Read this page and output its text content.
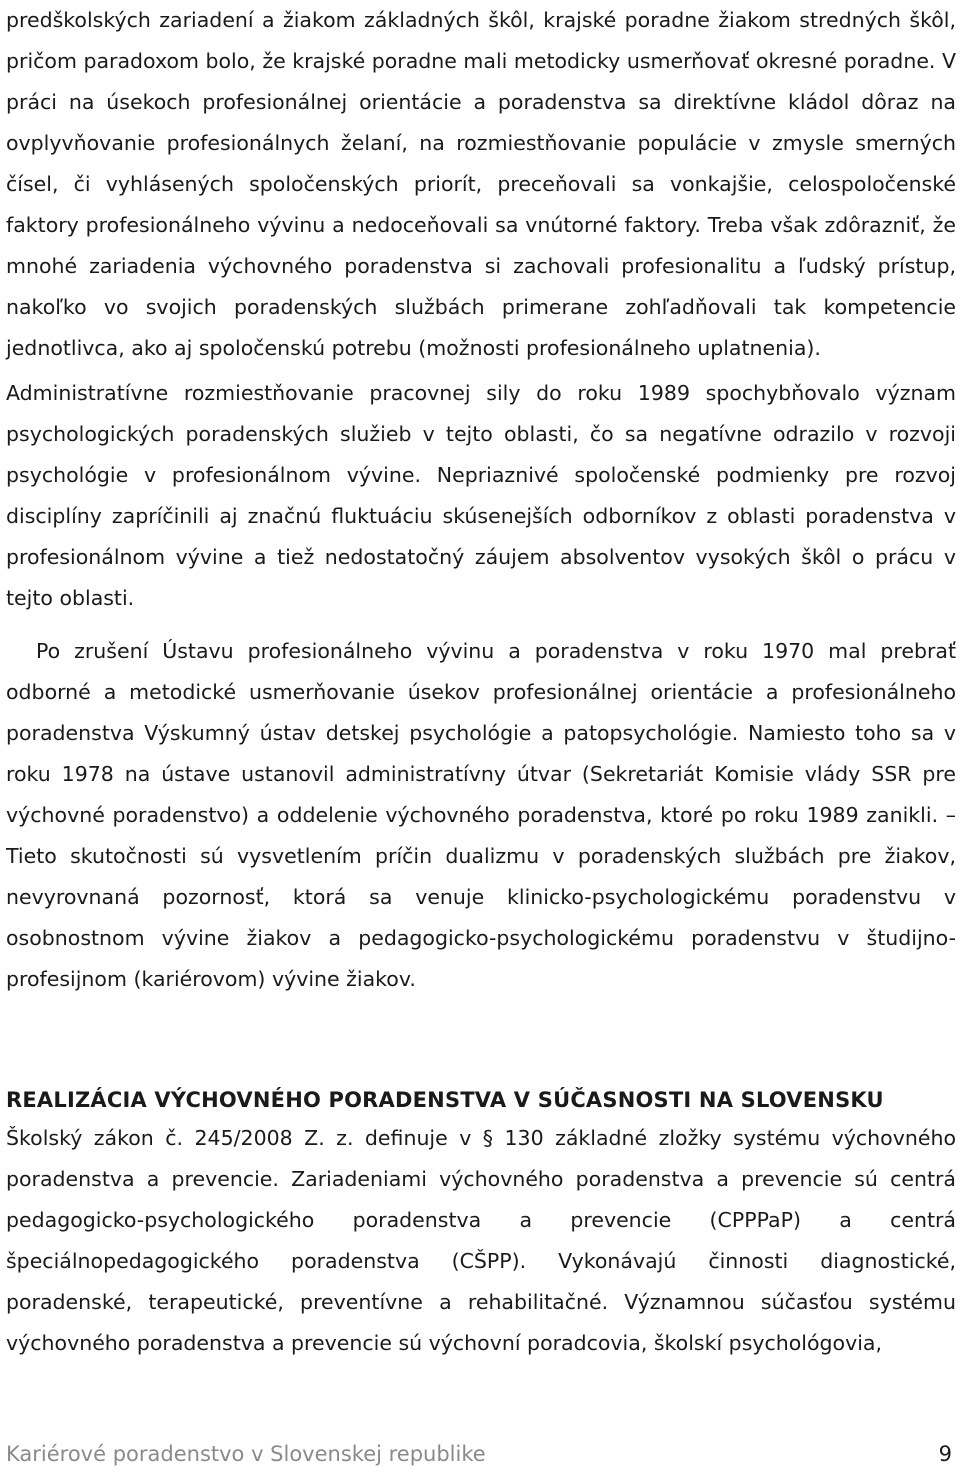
predškolských zariadení a žiakom základných škôl, krajské poradne žiakom stredných škôl, pričom paradoxom bolo, že krajské poradne mali metodicky usmerňovať okresné poradne. V práci na úsekoch profesionálnej orientácie a poradenstva sa direktívne kládol dôraz na ovplyvňovanie profesionálnych želaní, na rozmiestňovanie populácie v zmysle smerných čísel, či vyhlásených spoločenských priorít, preceňovali sa vonkajšie, celospoločenské faktory profesionálneho vývinu a nedoceňovali sa vnútorné faktory. Treba však zdôrazniť, že mnohé zariadenia výchovného poradenstva si zachovali profesionalitu a ľudský prístup, nakoľko vo svojich poradenských službách primerane zohľadňovali tak kompetencie jednotlivca, ako aj spoločenskú potrebu (možnosti profesionálneho uplatnenia).

Administratívne rozmiestňovanie pracovnej sily do roku 1989 spochybňovalo význam psychologických poradenských služieb v tejto oblasti, čo sa negatívne odrazilo v rozvoji psychológie v profesionálnom vývine. Nepriaznivé spoločenské podmienky pre rozvoj disciplíny zapríčinili aj značnú fluktuáciu skúsenejších odborníkov z oblasti poradenstva v profesionálnom vývine a tiež nedostatočný záujem absolventov vysokých škôl o prácu v tejto oblasti.

Po zrušení Ústavu profesionálneho vývinu a poradenstva v roku 1970 mal prebrať odborné a metodické usmerňovanie úsekov profesionálnej orientácie a profesionálneho poradenstva Výskumný ústav detskej psychológie a patopsychológie. Namiesto toho sa v roku 1978 na ústave ustanovil administratívny útvar (Sekretariát Komisie vlády SSR pre výchovné poradenstvo) a oddelenie výchovného poradenstva, ktoré po roku 1989 zanikli. – Tieto skutočnosti sú vysvetlením príčin dualizmu v poradenských službách pre žiakov, nevyrovnaná pozornosť, ktorá sa venuje klinicko-psychologickému poradenstvu v osobnostnom vývine žiakov a pedagogicko-psychologickému poradenstvu v študijno-profesijnom (kariérovom) vývine žiakov.

REALIZÁCIA VÝCHOVNÉHO PORADENSTVA V SÚČASNOSTI NA SLOVENSKU

Školský zákon č. 245/2008 Z. z. definuje v § 130 základné zložky systému výchovného poradenstva a prevencie. Zariadeniami výchovného poradenstva a prevencie sú centrá pedagogicko-psychologického poradenstva a prevencie (CPPPaP) a centrá špeciálnopedagogického poradenstva (CŠPP). Vykonávajú činnosti diagnostické, poradenské, terapeutické, preventívne a rehabilitačné. Významnou súčasťou systému výchovného poradenstva a prevencie sú výchovní poradcovia, školskí psychológovia,

Kariérové poradenstvo v Slovenskej republike	9
